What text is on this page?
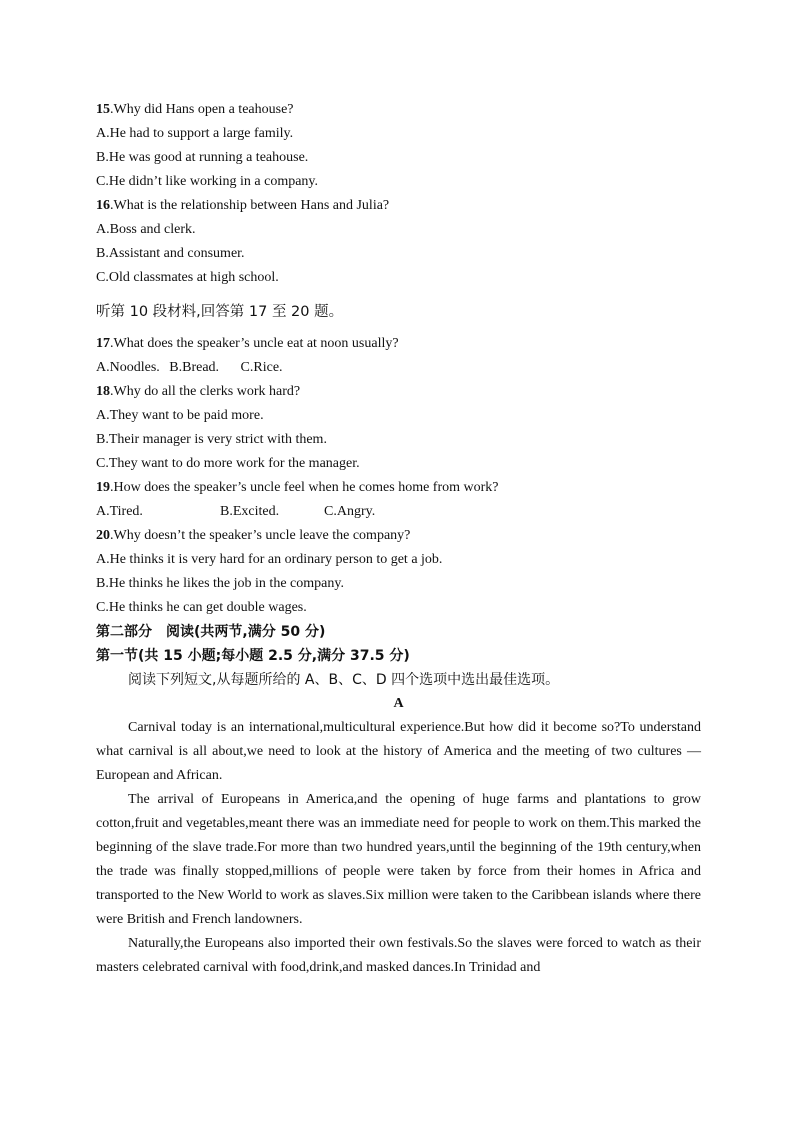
15.Why did Hans open a teahouse?
A.He had to support a large family.
B.He was good at running a teahouse.
C.He didn’t like working in a company.
16.What is the relationship between Hans and Julia?
A.Boss and clerk.
B.Assistant and consumer.
C.Old classmates at high school.
听第 10 段材料,回答第 17 至 20 题。
17.What does the speaker’s uncle eat at noon usually?
A.Noodles. B.Bread. C.Rice.
18.Why do all the clerks work hard?
A.They want to be paid more.
B.Their manager is very strict with them.
C.They want to do more work for the manager.
19.How does the speaker’s uncle feel when he comes home from work?
A.Tired.	B.Excited.	C.Angry.
20.Why doesn’t the speaker’s uncle leave the company?
A.He thinks it is very hard for an ordinary person to get a job.
B.He thinks he likes the job in the company.
C.He thinks he can get double wages.
第二部分　阅读(共两节,满分 50 分)
第一节(共 15 小题;每小题 2.5 分,满分 37.5 分)
阅读下列短文,从每题所给的 A、B、C、D 四个选项中选出最佳选项。
A
Carnival today is an international,multicultural experience.But how did it become so?To understand what carnival is all about,we need to look at the history of America and the meeting of two cultures —European and African.
The arrival of Europeans in America,and the opening of huge farms and plantations to grow cotton,fruit and vegetables,meant there was an immediate need for people to work on them.This marked the beginning of the slave trade.For more than two hundred years,until the beginning of the 19th century,when the trade was finally stopped,millions of people were taken by force from their homes in Africa and transported to the New World to work as slaves.Six million were taken to the Caribbean islands where there were British and French landowners.
Naturally,the Europeans also imported their own festivals.So the slaves were forced to watch as their masters celebrated carnival with food,drink,and masked dances.In Trinidad and
